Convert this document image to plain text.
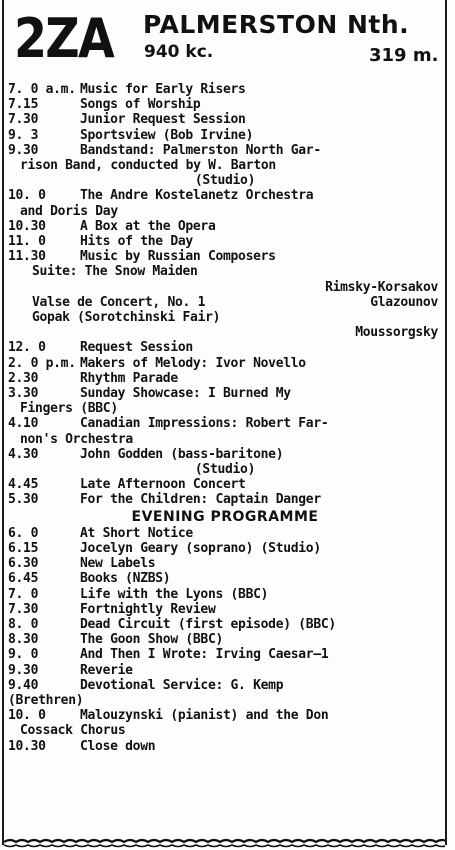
2ZA PALMERSTON Nth.
940 kc.	319 m.
7. 0 a.m. Music for Early Risers
7.15	Songs of Worship
7.30	Junior Request Session
9. 3	Sportsview (Bob Irvine)
9.30	Bandstand: Palmerston North Gar-
rison Band, conducted by W. Barton
(Studio)
10. 0	The Andre Kostelanetz Orchestra
and Doris Day
10.30	A Box at the Opera
11. 0	Hits of the Day
11.30	Music by Russian Composers
Suite: The Snow Maiden
Rimsky-Korsakov
Valse de Concert, No. 1	Glazounov
Gopak (Sorotchinski Fair)
Moussorgsky
12. 0	Request Session
2. 0 p.m. Makers of Melody: Ivor Novello
2.30	Rhythm Parade
3.30	Sunday Showcase: I Burned My
Fingers (BBC)
4.10	Canadian Impressions: Robert Far-
non's Orchestra
4.30	John Godden (bass-baritone)
(Studio)
4.45	Late Afternoon Concert
5.30	For the Children: Captain Danger
EVENING PROGRAMME
6. 0	At Short Notice
6.15	Jocelyn Geary (soprano) (Studio)
6.30	New Labels
6.45	Books (NZBS)
7. 0	Life with the Lyons (BBC)
7.30	Fortnightly Review
8. 0	Dead Circuit (first episode) (BBC)
8.30	The Goon Show (BBC)
9. 0	And Then I Wrote: Irving Caesar—1
9.30	Reverie
9.40	Devotional Service: G. Kemp
(Brethren)
10. 0	Malouzynski (pianist) and the Don
Cossack Chorus
10.30	Close down
